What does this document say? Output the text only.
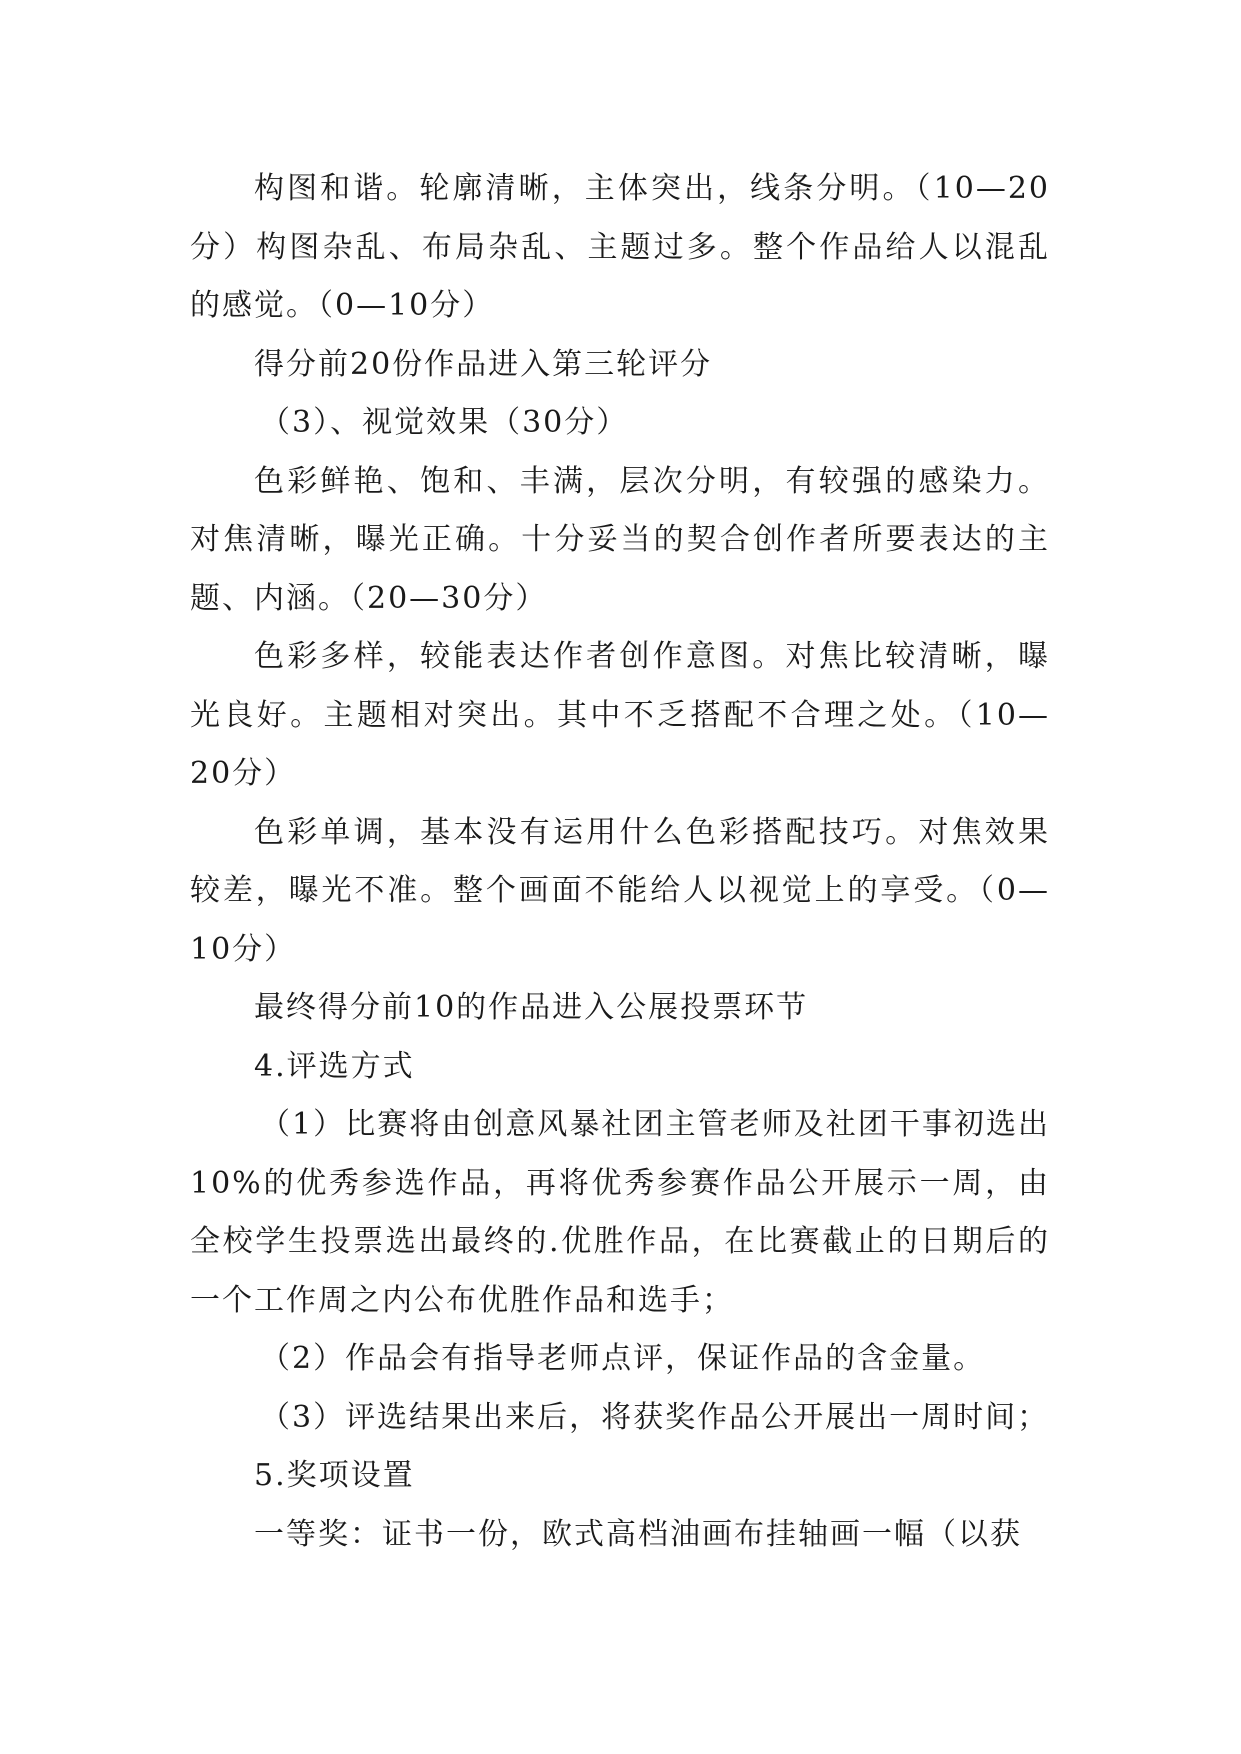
构图和谐。轮廓清晰，主体突出，线条分明。（10—20分）构图杂乱、布局杂乱、主题过多。整个作品给人以混乱的感觉。（0—10分）

得分前20份作品进入第三轮评分

（3）、视觉效果（30分）

色彩鲜艳、饱和、丰满，层次分明，有较强的感染力。对焦清晰，曝光正确。十分妥当的契合创作者所要表达的主题、内涵。（20—30分）

色彩多样，较能表达作者创作意图。对焦比较清晰，曝光良好。主题相对突出。其中不乏搭配不合理之处。（10—20分）

色彩单调，基本没有运用什么色彩搭配技巧。对焦效果较差，曝光不准。整个画面不能给人以视觉上的享受。（0—10分）

最终得分前10的作品进入公展投票环节

4.评选方式

（1）比赛将由创意风暴社团主管老师及社团干事初选出10%的优秀参选作品，再将优秀参赛作品公开展示一周，由全校学生投票选出最终的.优胜作品，在比赛截止的日期后的一个工作周之内公布优胜作品和选手；

（2）作品会有指导老师点评，保证作品的含金量。

（3）评选结果出来后，将获奖作品公开展出一周时间；

5.奖项设置

一等奖：证书一份，欧式高档油画布挂轴画一幅（以获
